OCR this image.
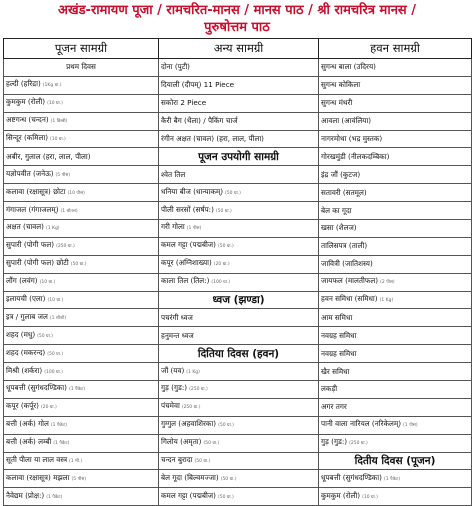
अखंड-रामायण पूजा / रामचरित-मानस / मानस पाठ / श्री रामचरित्र मानस /
पुरुषोत्तम पाठ
पूजन सामग्री	अन्य सामग्री	हवन सामग्री
प्रथम दिवस	दोना (पुटी)	सुगन्ध बाला (उदिरय)
हल्दी (हरिद्रा) (1Kg ग्रा.)	दियाली (दीपम्) 11 Piece	सुगन्ध कोकिला
कुमकुम (रोली) (10 ग्रा.)	सकोरा 2 Piece	सुगन्ध मंथरी
अष्टगन्ध (चन्दन) (1 डिब्बी)	कैरी बैग (थैला) / पैकिंग चार्ज	आवला (आवंलिया)
सिन्दूर (कमिला) (10 ग्रा.)	रंगीन अक्षत (चावल) (हरा, लाल, पीला)	नागरमोथा (भद्र मुस्तक)
अबीर, गुलाल (हरा, लाल, पीला)	पूजन उपयोगी सामग्री	गोरखमुंडी (नीलकदम्बिका)
यज्ञोपवीत (जनेऊ) (5 पीस)	श्वेत तिल	इंद्र जौं (कुटज)
कलावा (रक्षासूत्र) छोटा (10 पीस)	धनिया बीज (धान्याकम्) (50 ग्रा.)	सतावरी (सतमूल)
गंगाजल (गंगाजलम्) (1 बोतल)	पीली सरसों (सर्षप:) (50 ग्रा.)	बेल का गूदा
अक्षत (चावल) (1 Kg)	गरी गोला (1 पीस)	खसा (शैलज)
सुपारी (पोगी फल) (250 ग्रा.)	कमल गट्टा (पद्मबीज) (50 ग्रा.)	तालिसपत्र (ताली)
सुपारी (पोगी फल) छोटी (50 ग्रा.)	कपूर (अग्निशाख्या) (20 ग्रा.)	जावित्री (जातिशस्य)
लौंग (लवंग) (10 ग्रा.)	काला तिल (तिल:) (100 ग्रा.)	जायफल (मालतीफल) (2 पीस)
इलायची (एला) (10 ग्रा.)	ध्वज (झण्डा)	हवन समिधा (समिधा) (1 Kg)
इत्र / गुलाब जल (1 शीशी)	पचरंगी ध्वज	आम समिधा
शहद (मधु) (50 ग्रा.)	हनुमन्त ध्वज	नवग्रह समिधा
शहद (मकरन्द) (50 ग्रा.)	दितिया दिवस (हवन)	नवग्रह समिधा
मिश्री (शर्करा) (100 ग्रा.)	जौं (यव) (1 Kg)	खैर समिधा
धूपबत्ती (सुगंधदण्डिका) (1 पैकेट)	गुड़ (गुड:) (250 ग्रा.)	लकड़ी
कपूर (कर्पूर) (20 ग्रा.)	पंचमेवा (250 ग्रा.)	अगर तगर
बत्ती (अर्क) गोल (1 पैकेट)	गुग्गुल (अहवाशिरका) (50 ग्रा.)	पानी वाला नारियल (नरिकेलम्) (1 पीस)
बत्ती (अर्क) लम्बी (1 पैकेट)	गिलोय (अमृता) (50 ग्रा.)	गुड़ (गुड:) (250 ग्रा.)
सूती पीला या लाल वस्त्र (1 मी.)	चन्दन बुरादा (50 ग्रा.)	दितीय दिवस (पूजन)
कलावा (रक्षासूत्र) मझला (5 पीस)	बेल गूदा (बिल्वमज्जा) (50 ग्रा.)	धूपबत्ती (सुगंधदण्डिका) (1 पैकेट)
नैवेद्यम (प्रोक्ष:) (1 पैकेट)	कमल गट्टा (पद्मबीज) (50 ग्रा.)	कुमकुम (रोली) (10 ग्रा.)
